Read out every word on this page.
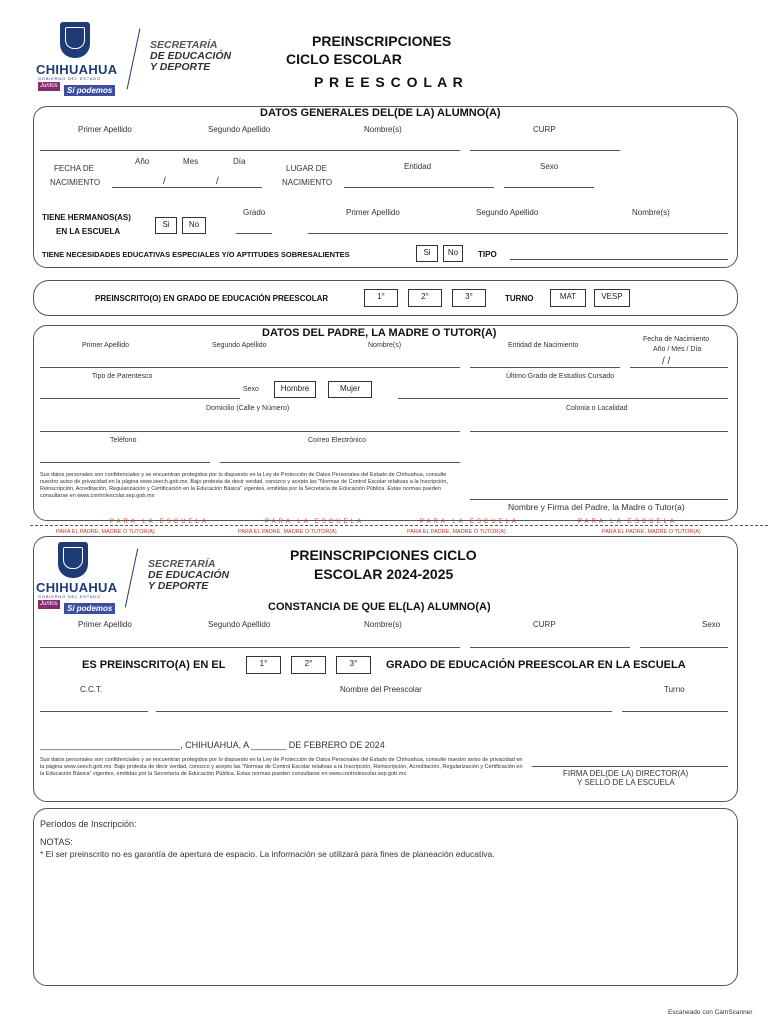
CHIHUAHUA
GOBIERNO DEL ESTADO
Juntos	Sí podemos
SECRETARÍA
DE EDUCACIÓN
Y DEPORTE
PREINSCRIPCIONES
CICLO ESCOLAR
P R E E S C O L A R
DATOS GENERALES DEL(DE LA) ALUMNO(A)
Primer Apellido	Segundo Apellido	Nombre(s)	CURP
FECHA DE
NACIMIENTO
Año	Mes	Día
/	/
LUGAR DE
NACIMIENTO
Entidad	Sexo
TIENE HERMANOS(AS)
EN LA ESCUELA
Si	No
Grado	Primer Apellido	Segundo Apellido	Nombre(s)
TIENE NECESIDADES EDUCATIVAS ESPECIALES Y/O APTITUDES SOBRESALIENTES	Si	No	TIPO
PREINSCRITO(O) EN GRADO DE EDUCACIÓN PREESCOLAR	1°	2°	3°	TURNO	MAT	VESP
DATOS DEL PADRE, LA MADRE O TUTOR(A)
Primer Apellido	Segundo Apellido	Nombre(s)	Entidad de Nacimiento
Fecha de Nacimiento
Año / Mes / Día
/ /
Tipo de Parentesco	Último Grado de Estudios Cursado
Sexo	Hombre	Mujer
Domicilio (Calle y Número)	Colonia o Localidad
Teléfono	Correo Electrónico
Sus datos personales son confidenciales y se encuentran protegidos por lo dispuesto en la Ley de Protección de Datos Personales del Estado de Chihuahua, consulte nuestro aviso de privacidad en la página www.seech.gob.mx. Bajo protesta de decir verdad, conozco y acepto las "Normas de Control Escolar relativas a la Inscripción, Reinscripción, Acreditación, Regularización y Certificación en la Educación Básica" vigentes, emitidas por la Secretaría de Educación Pública. Estas normas pueden consultarse en www.controlescolar.sep.gob.mx
Nombre y Firma del Padre, la Madre o Tutor(a)
PARA LA ESCUELA	PARA LA ESCUELA	PARA LA ESCUELA	PARA LA ESCUELA
PARA EL PADRE, MADRE O TUTOR(A)	PARA EL PADRE, MADRE O TUTOR(A)	PARA EL PADRE, MADRE O TUTOR(A)	PARA EL PADRE, MADRE O TUTOR(A)
CHIHUAHUA
GOBIERNO DEL ESTADO
Juntos	Sí podemos
SECRETARÍA
DE EDUCACIÓN
Y DEPORTE
PREINSCRIPCIONES CICLO
ESCOLAR 2024-2025
CONSTANCIA DE QUE EL(LA) ALUMNO(A)
Primer Apellido	Segundo Apellido	Nombre(s)	CURP	Sexo
ES PREINSCRITO(A) EN EL	1°	2°	3°	GRADO DE EDUCACIÓN PREESCOLAR EN LA ESCUELA
C.C.T.	Nombre del Preescolar	Turno
____________________________, CHIHUAHUA, A _______ DE FEBRERO DE 2024
Sus datos personales son confidenciales y se encuentran protegidos por lo dispuesto en la Ley de Protección de Datos Personales del Estado de Chihuahua, consulte nuestro aviso de privacidad en la página www.seech.gob.mx. Bajo protesta de decir verdad, conozco y acepto las "Normas de Control Escolar relativas a la Inscripción, Reinscripción, Acreditación, Regularización y Certificación en la Educación Básica" vigentes, emitidas por la Secretaría de Educación Pública. Estas normas pueden consultarse en www.controlescolar.sep.gob.mx	FIRMA DEL(DE LA) DIRECTOR(A)
Y SELLO DE LA ESCUELA
Períodos de Inscripción:
NOTAS:
* El ser preinscrito no es garantía de apertura de espacio. La información se utilizará para fines de planeación educativa.
Escaneado con CamScanner
